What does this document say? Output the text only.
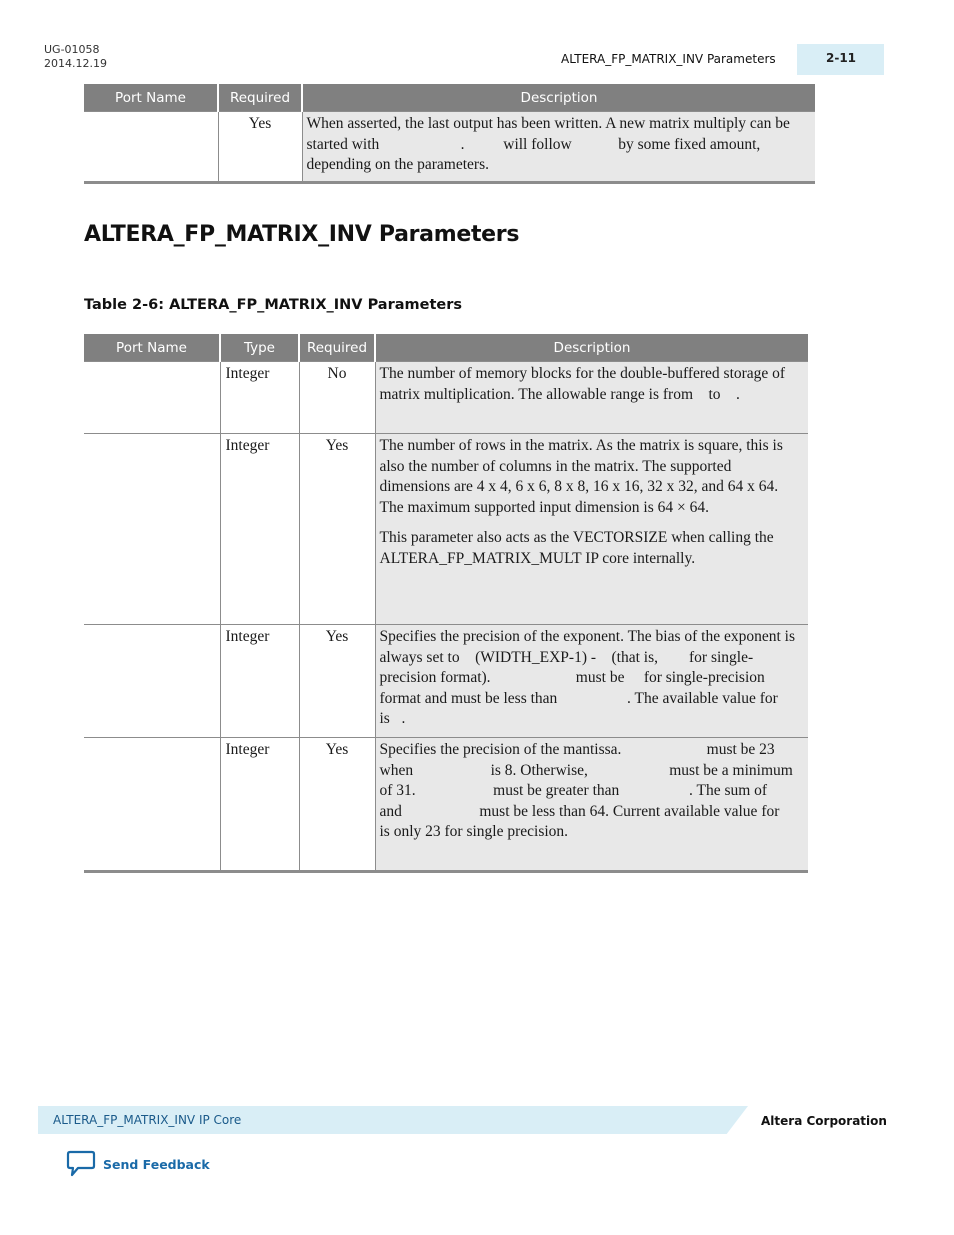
UG-01058
2014.12.19	ALTERA_FP_MATRIX_INV Parameters	2-11
Port Name	Required	Description
	Yes	When asserted, the last output has been written. A new matrix multiply can be started with                     .          will follow            by some fixed amount, depending on the parameters.

ALTERA_FP_MATRIX_INV Parameters
Table 2-6: ALTERA_FP_MATRIX_INV Parameters
Port Name	Type	Required	Description
	Integer	No	The number of memory blocks for the double-buffered storage of matrix multiplication. The allowable range is from    to    .

	Integer	Yes	The number of rows in the matrix. As the matrix is square, this is also the number of columns in the matrix. The supported dimensions are 4 x 4, 6 x 6, 8 x 8, 16 x 16, 32 x 32, and 64 x 64. The maximum supported input dimension is 64 × 64.

This parameter also acts as the VECTORSIZE when calling the ALTERA_FP_MATRIX_MULT IP core internally.

	Integer	Yes	Specifies the precision of the exponent. The bias of the exponent is always set to    (WIDTH_EXP-1) -    (that is,        for single-precision format).                      must be     for single-precision format and must be less than                  . The available value for                     is   .

	Integer	Yes	Specifies the precision of the mantissa.                      must be 23 when                    is 8. Otherwise,                     must be a minimum of 31.                    must be greater than                  . The sum of                    and                    must be less than 64. Current available value for                     is only 23 for single precision.

ALTERA_FP_MATRIX_INV IP Core	Altera Corporation
Send Feedback
